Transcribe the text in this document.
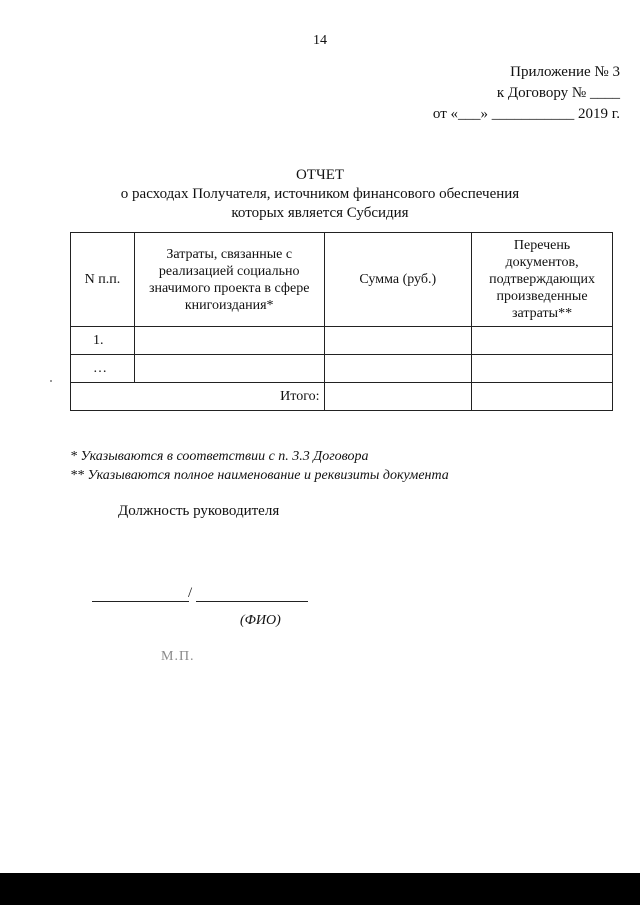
14
Приложение № 3
к Договору № ____
от «___» ___________ 2019 г.
ОТЧЕТ
о расходах Получателя, источником финансового обеспечения
которых является Субсидия
N п.п.	Затраты, связанные с реализацией социально значимого проекта в сфере книгоиздания*	Сумма (руб.)	Перечень документов, подтверждающих произведенные затраты**
1.			
…			
Итого:			
* Указываются в соответствии с п. 3.3 Договора
** Указываются полное наименование и реквизиты документа
Должность руководителя
/
(ФИО)
М.П.
